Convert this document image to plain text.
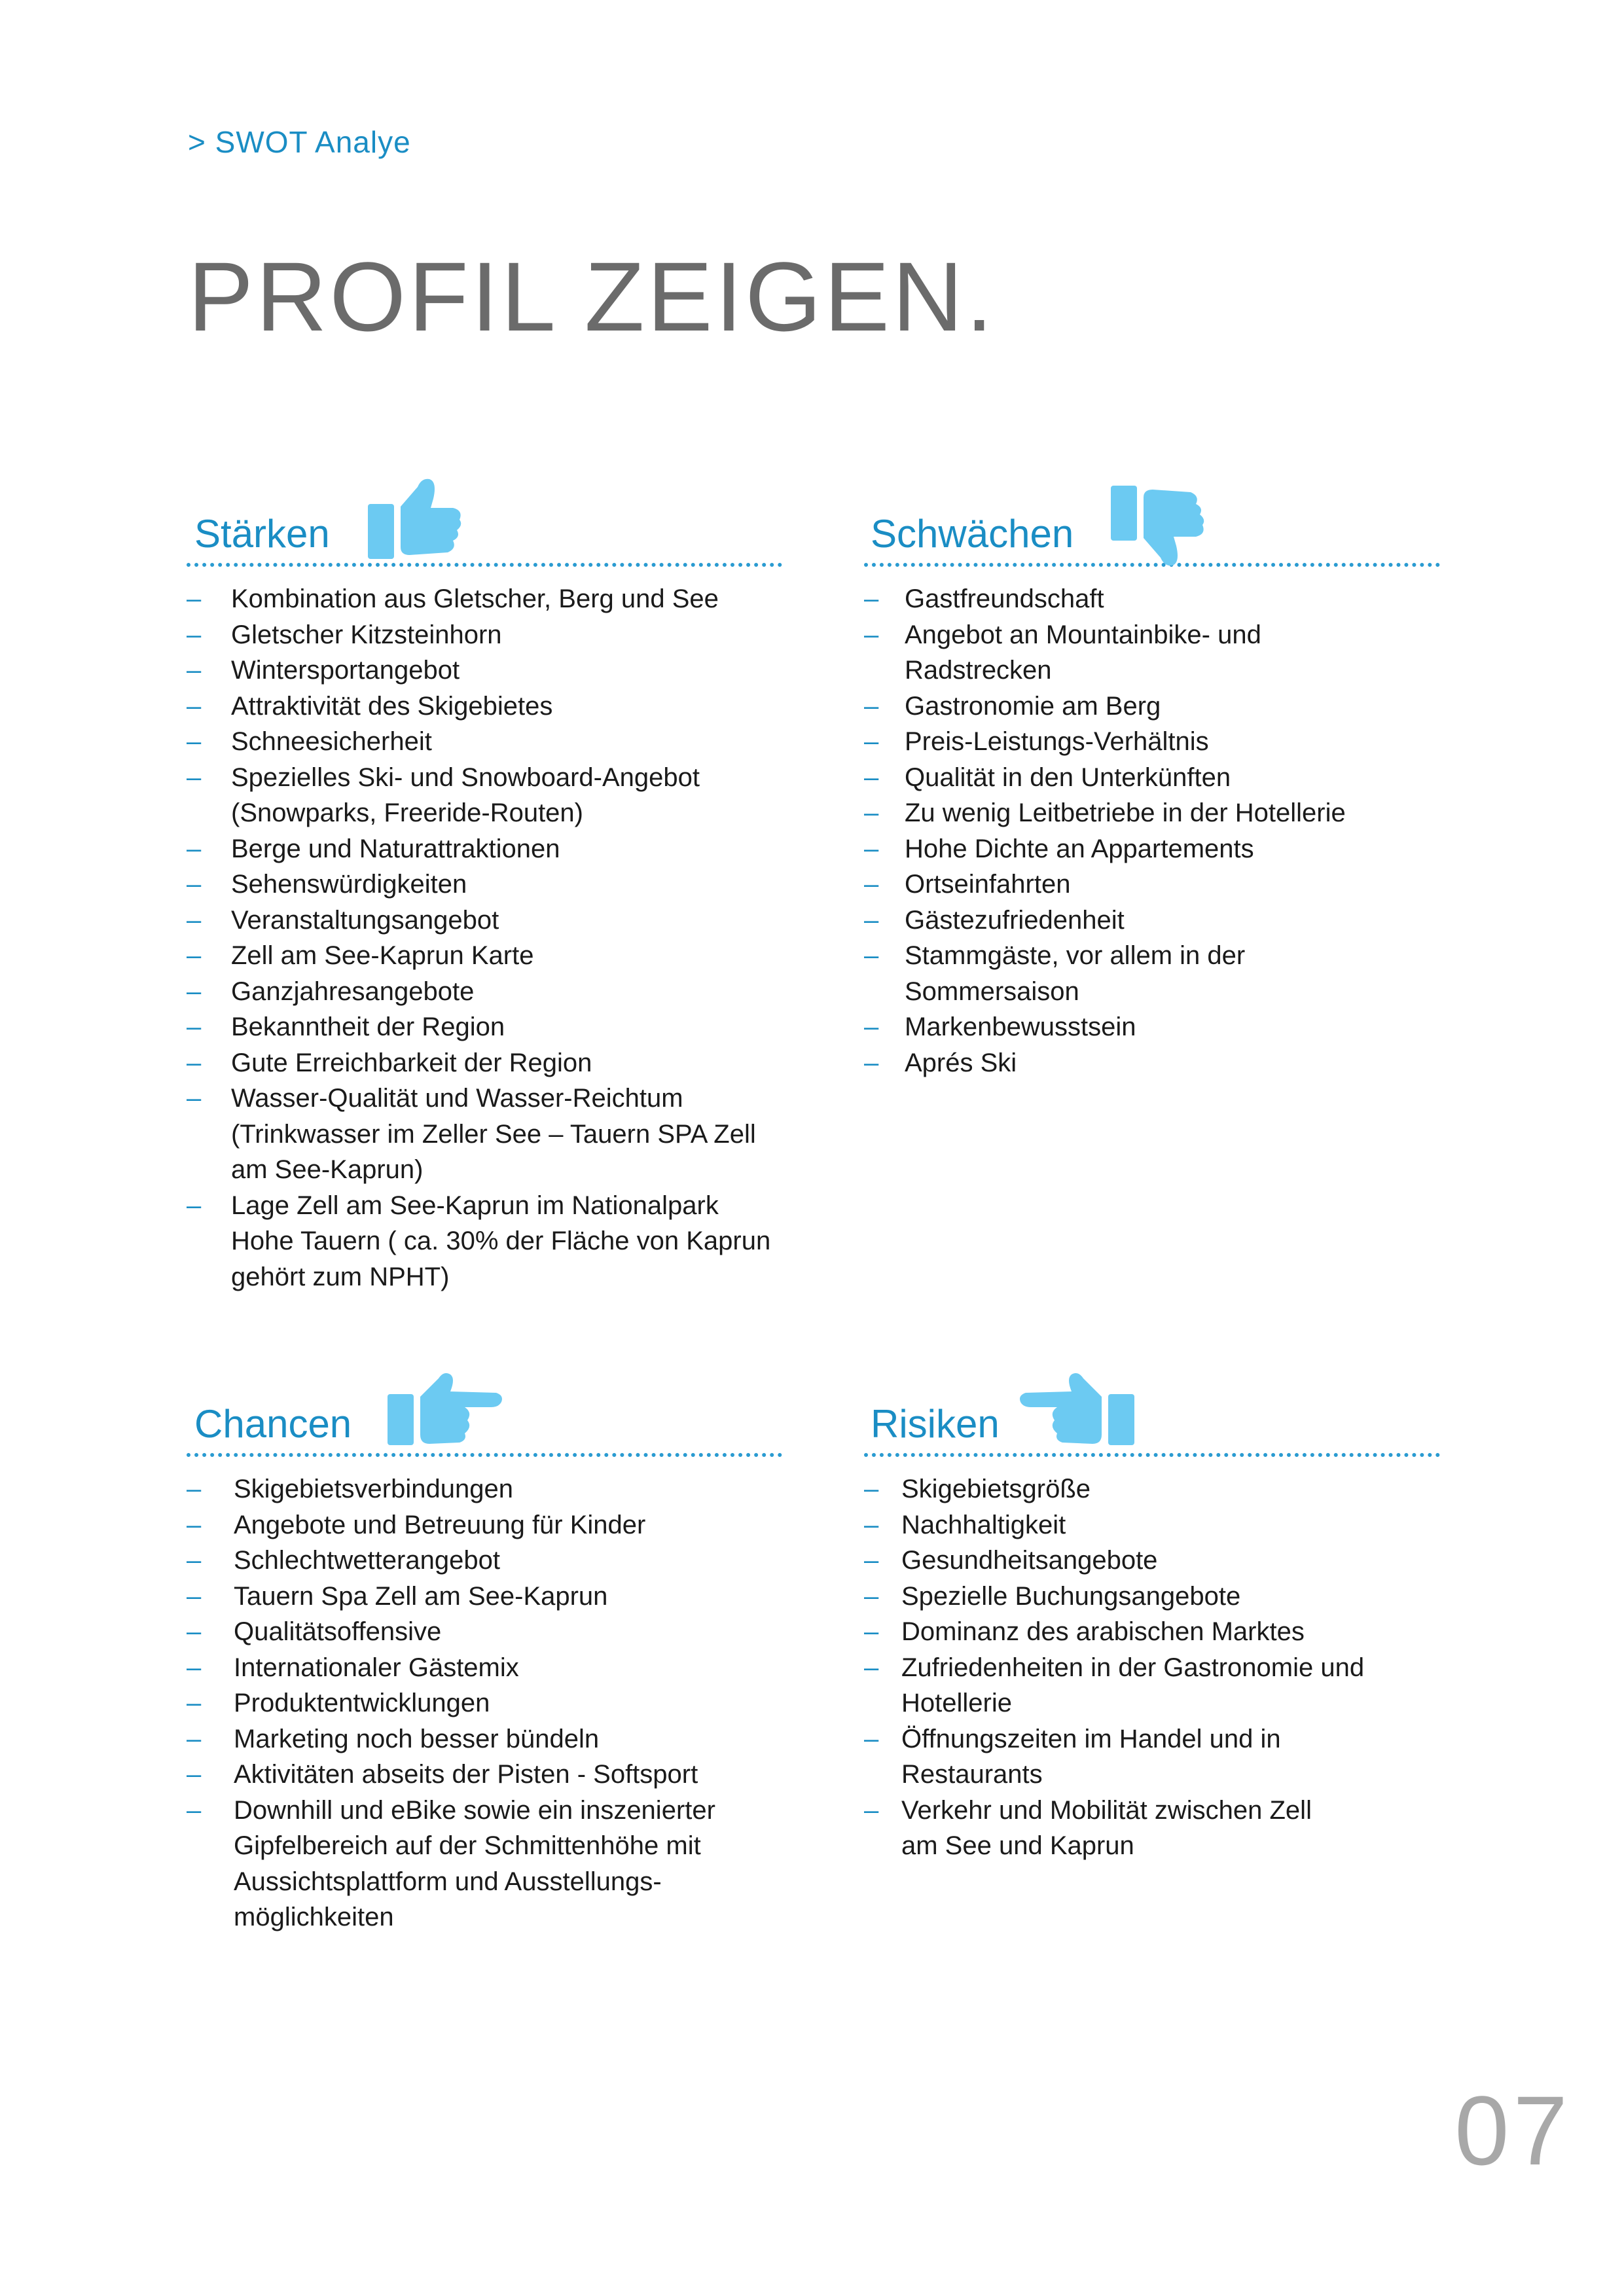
> SWOT Analye
PROFIL ZEIGEN.
Stärken
– Kombination aus Gletscher, Berg und See
– Gletscher Kitzsteinhorn
– Wintersportangebot
– Attraktivität des Skigebietes
– Schneesicherheit
– Spezielles Ski- und Snowboard-Angebot (Snowparks, Freeride-Routen)
– Berge und Naturattraktionen
– Sehenswürdigkeiten
– Veranstaltungsangebot
– Zell am See-Kaprun Karte
– Ganzjahresangebote
– Bekanntheit der Region
– Gute Erreichbarkeit der Region
– Wasser-Qualität und Wasser-Reichtum (Trinkwasser im Zeller See – Tauern SPA Zell am See-Kaprun)
– Lage Zell am See-Kaprun im Nationalpark Hohe Tauern ( ca. 30% der Fläche von Kaprun gehört zum NPHT)
Schwächen
– Gastfreundschaft
– Angebot an Mountainbike- und Radstrecken
– Gastronomie am Berg
– Preis-Leistungs-Verhältnis
– Qualität in den Unterkünften
– Zu wenig Leitbetriebe in der Hotellerie
– Hohe Dichte an Appartements
– Ortseinfahrten
– Gästezufriedenheit
– Stammgäste, vor allem in der Sommersaison
– Markenbewusstsein
– Aprés Ski
Chancen
– Skigebietsverbindungen
– Angebote und Betreuung für Kinder
– Schlechtwetterangebot
– Tauern Spa Zell am See-Kaprun
– Qualitätsoffensive
– Internationaler Gästemix
– Produktentwicklungen
– Marketing noch besser bündeln
– Aktivitäten abseits der Pisten - Softsport
– Downhill und eBike sowie ein inszenierter Gipfelbereich auf der Schmittenhöhe mit Aussichtsplattform und Ausstellungs-möglichkeiten
Risiken
– Skigebietsgröße
– Nachhaltigkeit
– Gesundheitsangebote
– Spezielle Buchungsangebote
– Dominanz des arabischen Marktes
– Zufriedenheiten in der Gastronomie und Hotellerie
– Öffnungszeiten im Handel und in Restaurants
– Verkehr und Mobilität zwischen Zell am See und Kaprun
07
